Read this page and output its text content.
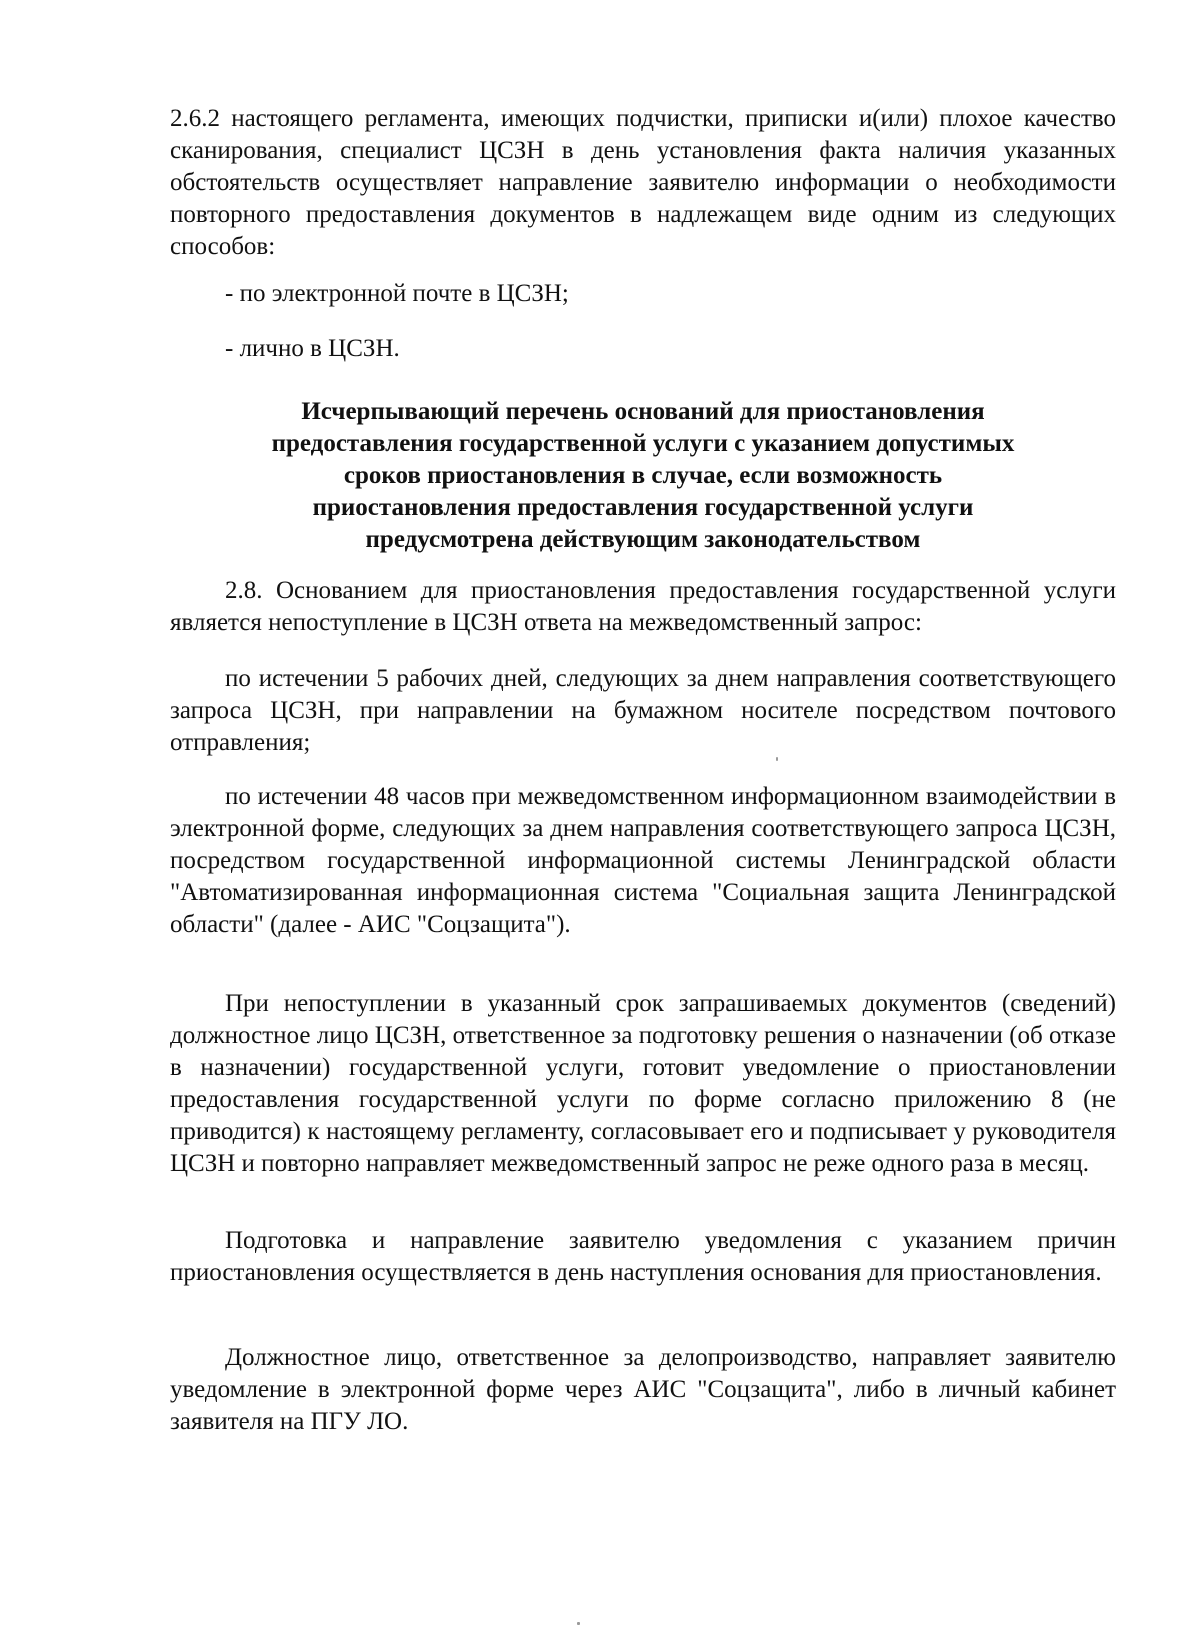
2.6.2 настоящего регламента, имеющих подчистки, приписки и(или) плохое качество сканирования, специалист ЦСЗН в день установления факта наличия указанных обстоятельств осуществляет направление заявителю информации о необходимости повторного предоставления документов в надлежащем виде одним из следующих способов:

- по электронной почте в ЦСЗН;

- лично в ЦСЗН.

Исчерпывающий перечень оснований для приостановления
предоставления государственной услуги с указанием допустимых
сроков приостановления в случае, если возможность
приостановления предоставления государственной услуги
предусмотрена действующим законодательством

2.8. Основанием для приостановления предоставления государственной услуги является непоступление в ЦСЗН ответа на межведомственный запрос:

по истечении 5 рабочих дней, следующих за днем направления соответствующего запроса ЦСЗН, при направлении на бумажном носителе посредством почтового отправления;

по истечении 48 часов при межведомственном информационном взаимодействии в электронной форме, следующих за днем направления соответствующего запроса ЦСЗН, посредством государственной информационной системы Ленинградской области "Автоматизированная информационная система "Социальная защита Ленинградской области" (далее - АИС "Соцзащита").

При непоступлении в указанный срок запрашиваемых документов (сведений) должностное лицо ЦСЗН, ответственное за подготовку решения о назначении (об отказе в назначении) государственной услуги, готовит уведомление о приостановлении предоставления государственной услуги по форме согласно приложению 8 (не приводится) к настоящему регламенту, согласовывает его и подписывает у руководителя ЦСЗН и повторно направляет межведомственный запрос не реже одного раза в месяц.

Подготовка и направление заявителю уведомления с указанием причин приостановления осуществляется в день наступления основания для приостановления.

Должностное лицо, ответственное за делопроизводство, направляет заявителю уведомление в электронной форме через АИС "Соцзащита", либо в личный кабинет заявителя на ПГУ ЛО.
